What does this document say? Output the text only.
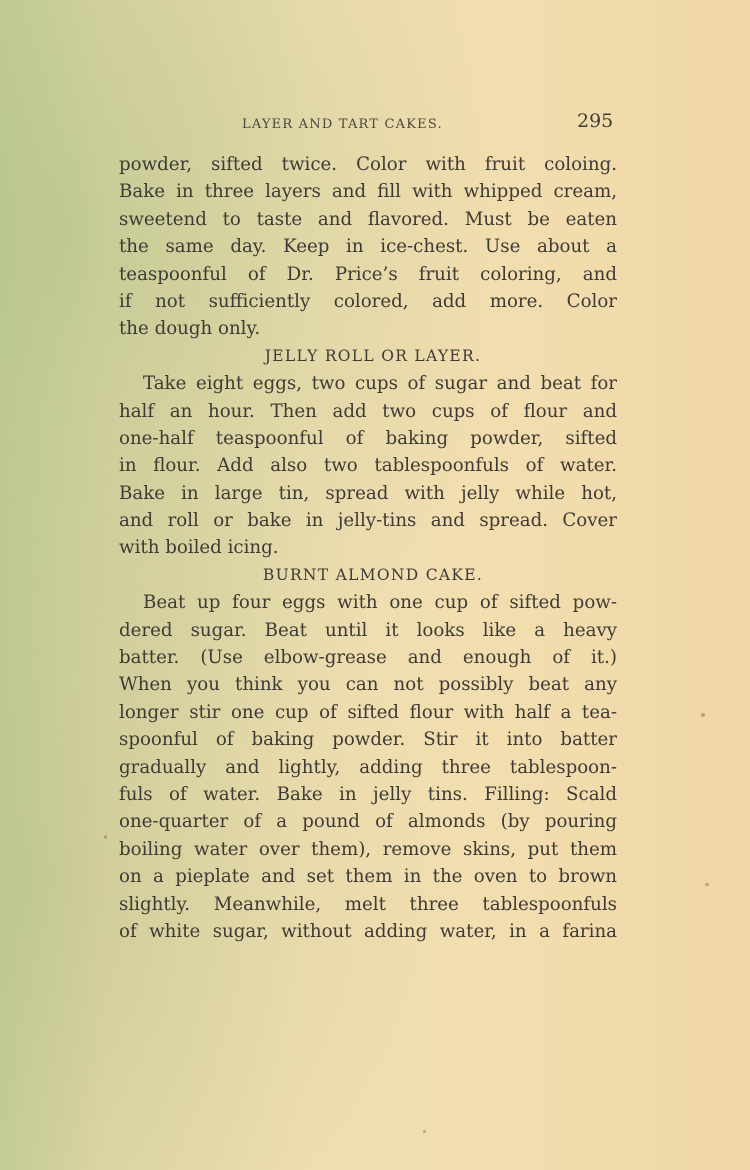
LAYER AND TART CAKES.	295
powder, sifted twice. Color with fruit coloing.
Bake in three layers and fill with whipped cream,
sweetend to taste and flavored. Must be eaten
the same day. Keep in ice-chest. Use about a
teaspoonful of Dr. Price’s fruit coloring, and
if not sufficiently colored, add more. Color
the dough only.
JELLY ROLL OR LAYER.
Take eight eggs, two cups of sugar and beat for
half an hour. Then add two cups of flour and
one-half teaspoonful of baking powder, sifted
in flour. Add also two tablespoonfuls of water.
Bake in large tin, spread with jelly while hot,
and roll or bake in jelly-tins and spread. Cover
with boiled icing.
BURNT ALMOND CAKE.
Beat up four eggs with one cup of sifted pow-
dered sugar. Beat until it looks like a heavy
batter. (Use elbow-grease and enough of it.)
When you think you can not possibly beat any
longer stir one cup of sifted flour with half a tea-
spoonful of baking powder. Stir it into batter
gradually and lightly, adding three tablespoon-
fuls of water. Bake in jelly tins. Filling: Scald
one-quarter of a pound of almonds (by pouring
boiling water over them), remove skins, put them
on a pieplate and set them in the oven to brown
slightly. Meanwhile, melt three tablespoonfuls
of white sugar, without adding water, in a farina
